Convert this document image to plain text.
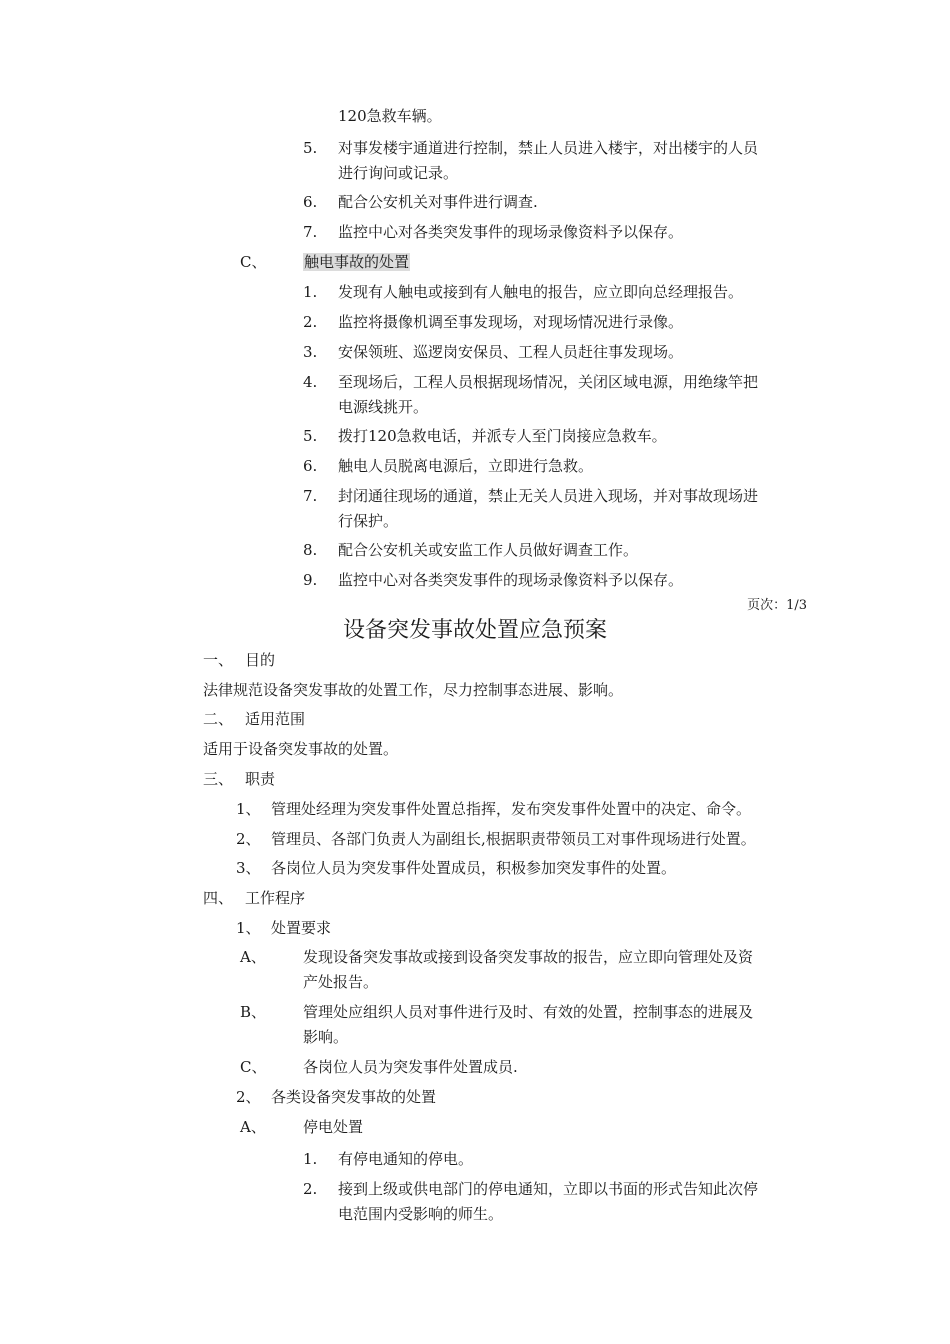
120急救车辆。
5. 对事发楼宇通道进行控制，禁止人员进入楼宇，对出楼宇的人员
进行询问或记录。
6. 配合公安机关对事件进行调查.
7. 监控中心对各类突发事件的现场录像资料予以保存。
C、	触电事故的处置
1. 发现有人触电或接到有人触电的报告，应立即向总经理报告。
2. 监控将摄像机调至事发现场，对现场情况进行录像。
3. 安保领班、巡逻岗安保员、工程人员赶往事发现场。
4. 至现场后，工程人员根据现场情况，关闭区域电源，用绝缘竿把
电源线挑开。
5. 拨打120急救电话，并派专人至门岗接应急救车。
6. 触电人员脱离电源后，立即进行急救。
7. 封闭通往现场的通道，禁止无关人员进入现场，并对事故现场进
行保护。
8. 配合公安机关或安监工作人员做好调查工作。
9. 监控中心对各类突发事件的现场录像资料予以保存。
页次：1/3
设备突发事故处置应急预案
一、 目的
法律规范设备突发事故的处置工作，尽力控制事态进展、影响。
二、 适用范围
适用于设备突发事故的处置。
三、 职责
1、 管理处经理为突发事件处置总指挥，发布突发事件处置中的决定、命令。
2、 管理员、各部门负责人为副组长,根据职责带领员工对事件现场进行处置。
3、 各岗位人员为突发事件处置成员，积极参加突发事件的处置。
四、 工作程序
1、 处置要求
A、 发现设备突发事故或接到设备突发事故的报告，应立即向管理处及资
产处报告。
B、 管理处应组织人员对事件进行及时、有效的处置，控制事态的进展及
影响。
C、 各岗位人员为突发事件处置成员.
2、 各类设备突发事故的处置
A、 停电处置
1. 有停电通知的停电。
2. 接到上级或供电部门的停电通知，立即以书面的形式告知此次停
电范围内受影响的师生。
